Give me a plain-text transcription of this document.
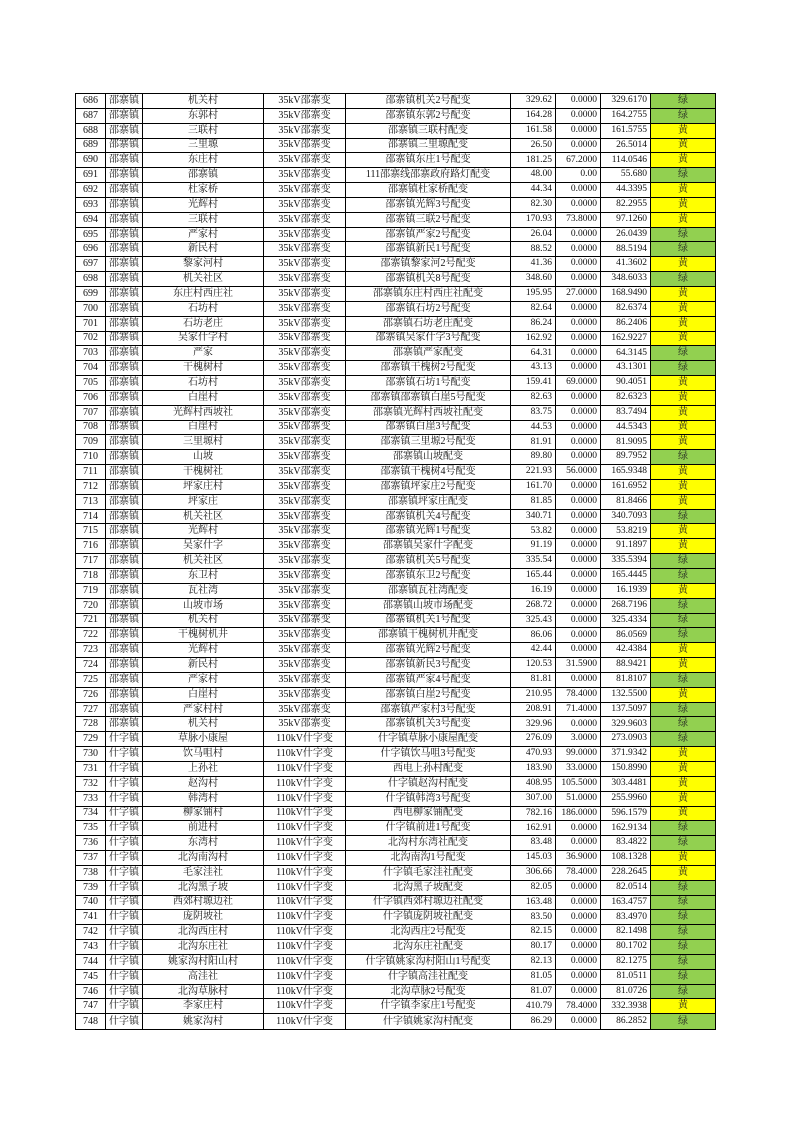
686	邵寨镇	机关村	35kV邵寨变	邵寨镇机关2号配变	329.62	0.0000	329.6170	绿
687	邵寨镇	东郭村	35kV邵寨变	邵寨镇东郭2号配变	164.28	0.0000	164.2755	绿
688	邵寨镇	三联村	35kV邵寨变	邵寨镇三联村配变	161.58	0.0000	161.5755	黄
689	邵寨镇	三里塬	35kV邵寨变	邵寨镇三里塬配变	26.50	0.0000	26.5014	黄
690	邵寨镇	东庄村	35kV邵寨变	邵寨镇东庄1号配变	181.25	67.2000	114.0546	黄
691	邵寨镇	邵寨镇	35kV邵寨变	111邵寨线邵寨政府路灯配变	48.00	0.00	55.680	绿
692	邵寨镇	杜家桥	35kV邵寨变	邵寨镇杜家桥配变	44.34	0.0000	44.3395	黄
693	邵寨镇	光辉村	35kV邵寨变	邵寨镇光辉3号配变	82.30	0.0000	82.2955	黄
694	邵寨镇	三联村	35kV邵寨变	邵寨镇三联2号配变	170.93	73.8000	97.1260	黄
695	邵寨镇	严家村	35kV邵寨变	邵寨镇严家2号配变	26.04	0.0000	26.0439	绿
696	邵寨镇	新民村	35kV邵寨变	邵寨镇新民1号配变	88.52	0.0000	88.5194	绿
697	邵寨镇	黎家河村	35kV邵寨变	邵寨镇黎家河2号配变	41.36	0.0000	41.3602	黄
698	邵寨镇	机关社区	35kV邵寨变	邵寨镇机关8号配变	348.60	0.0000	348.6033	绿
699	邵寨镇	东庄村西庄社	35kV邵寨变	邵寨镇东庄村西庄社配变	195.95	27.0000	168.9490	黄
700	邵寨镇	石坊村	35kV邵寨变	邵寨镇石坊2号配变	82.64	0.0000	82.6374	黄
701	邵寨镇	石坊老庄	35kV邵寨变	邵寨镇石坊老庄配变	86.24	0.0000	86.2406	黄
702	邵寨镇	吴家什字村	35kV邵寨变	邵寨镇吴家什字3号配变	162.92	0.0000	162.9227	黄
703	邵寨镇	严家	35kV邵寨变	邵寨镇严家配变	64.31	0.0000	64.3145	绿
704	邵寨镇	干槐树村	35kV邵寨变	邵寨镇干槐树2号配变	43.13	0.0000	43.1301	绿
705	邵寨镇	石坊村	35kV邵寨变	邵寨镇石坊1号配变	159.41	69.0000	90.4051	黄
706	邵寨镇	白崖村	35kV邵寨变	邵寨镇邵寨镇白崖5号配变	82.63	0.0000	82.6323	黄
707	邵寨镇	光辉村西坡社	35kV邵寨变	邵寨镇光辉村西坡社配变	83.75	0.0000	83.7494	黄
708	邵寨镇	白崖村	35kV邵寨变	邵寨镇白崖3号配变	44.53	0.0000	44.5343	黄
709	邵寨镇	三里塬村	35kV邵寨变	邵寨镇三里塬2号配变	81.91	0.0000	81.9095	黄
710	邵寨镇	山坡	35kV邵寨变	邵寨镇山坡配变	89.80	0.0000	89.7952	绿
711	邵寨镇	干槐树社	35kV邵寨变	邵寨镇干槐树4号配变	221.93	56.0000	165.9348	黄
712	邵寨镇	坪家庄村	35kV邵寨变	邵寨镇坪家庄2号配变	161.70	0.0000	161.6952	黄
713	邵寨镇	坪家庄	35kV邵寨变	邵寨镇坪家庄配变	81.85	0.0000	81.8466	黄
714	邵寨镇	机关社区	35kV邵寨变	邵寨镇机关4号配变	340.71	0.0000	340.7093	绿
715	邵寨镇	光辉村	35kV邵寨变	邵寨镇光辉1号配变	53.82	0.0000	53.8219	黄
716	邵寨镇	吴家什字	35kV邵寨变	邵寨镇吴家什字配变	91.19	0.0000	91.1897	黄
717	邵寨镇	机关社区	35kV邵寨变	邵寨镇机关5号配变	335.54	0.0000	335.5394	绿
718	邵寨镇	东卫村	35kV邵寨变	邵寨镇东卫2号配变	165.44	0.0000	165.4445	绿
719	邵寨镇	瓦社湾	35kV邵寨变	邵寨镇瓦社湾配变	16.19	0.0000	16.1939	黄
720	邵寨镇	山坡市场	35kV邵寨变	邵寨镇山坡市场配变	268.72	0.0000	268.7196	绿
721	邵寨镇	机关村	35kV邵寨变	邵寨镇机关1号配变	325.43	0.0000	325.4334	绿
722	邵寨镇	干槐树机井	35kV邵寨变	邵寨镇干槐树机井配变	86.06	0.0000	86.0569	绿
723	邵寨镇	光辉村	35kV邵寨变	邵寨镇光辉2号配变	42.44	0.0000	42.4384	黄
724	邵寨镇	新民村	35kV邵寨变	邵寨镇新民3号配变	120.53	31.5900	88.9421	黄
725	邵寨镇	严家村	35kV邵寨变	邵寨镇严家4号配变	81.81	0.0000	81.8107	绿
726	邵寨镇	白崖村	35kV邵寨变	邵寨镇白崖2号配变	210.95	78.4000	132.5500	黄
727	邵寨镇	严家村村	35kV邵寨变	邵寨镇严家村3号配变	208.91	71.4000	137.5097	绿
728	邵寨镇	机关村	35kV邵寨变	邵寨镇机关3号配变	329.96	0.0000	329.9603	绿
729	什字镇	草脉小康屋	110kV什字变	什字镇草脉小康屋配变	276.09	3.0000	273.0903	绿
730	什字镇	饮马咀村	110kV什字变	什字镇饮马咀3号配变	470.93	99.0000	371.9342	黄
731	什字镇	上孙社	110kV什字变	西电上孙村配变	183.90	33.0000	150.8990	黄
732	什字镇	赵沟村	110kV什字变	什字镇赵沟村配变	408.95	105.5000	303.4481	黄
733	什字镇	韩湾村	110kV什字变	什字镇韩湾3号配变	307.00	51.0000	255.9960	黄
734	什字镇	柳家铺村	110kV什字变	西电柳家铺配变	782.16	186.0000	596.1579	黄
735	什字镇	前进村	110kV什字变	什字镇前进1号配变	162.91	0.0000	162.9134	绿
736	什字镇	东湾村	110kV什字变	北沟村东湾社配变	83.48	0.0000	83.4822	绿
737	什字镇	北沟南沟村	110kV什字变	北沟南沟1号配变	145.03	36.9000	108.1328	黄
738	什字镇	毛家洼社	110kV什字变	什字镇毛家洼社配变	306.66	78.4000	228.2645	黄
739	什字镇	北沟黑子坡	110kV什字变	北沟黑子坡配变	82.05	0.0000	82.0514	绿
740	什字镇	西郊村塬边社	110kV什字变	什字镇西郊村塬边社配变	163.48	0.0000	163.4757	绿
741	什字镇	庞阴坡社	110kV什字变	什字镇庞阴坡社配变	83.50	0.0000	83.4970	绿
742	什字镇	北沟西庄村	110kV什字变	北沟西庄2号配变	82.15	0.0000	82.1498	绿
743	什字镇	北沟东庄社	110kV什字变	北沟东庄社配变	80.17	0.0000	80.1702	绿
744	什字镇	姚家沟村阳山村	110kV什字变	什字镇姚家沟村阳山1号配变	82.13	0.0000	82.1275	绿
745	什字镇	高洼社	110kV什字变	什字镇高洼社配变	81.05	0.0000	81.0511	绿
746	什字镇	北沟草脉村	110kV什字变	北沟草脉2号配变	81.07	0.0000	81.0726	绿
747	什字镇	李家庄村	110kV什字变	什字镇李家庄1号配变	410.79	78.4000	332.3938	黄
748	什字镇	姚家沟村	110kV什字变	什字镇姚家沟村配变	86.29	0.0000	86.2852	绿
